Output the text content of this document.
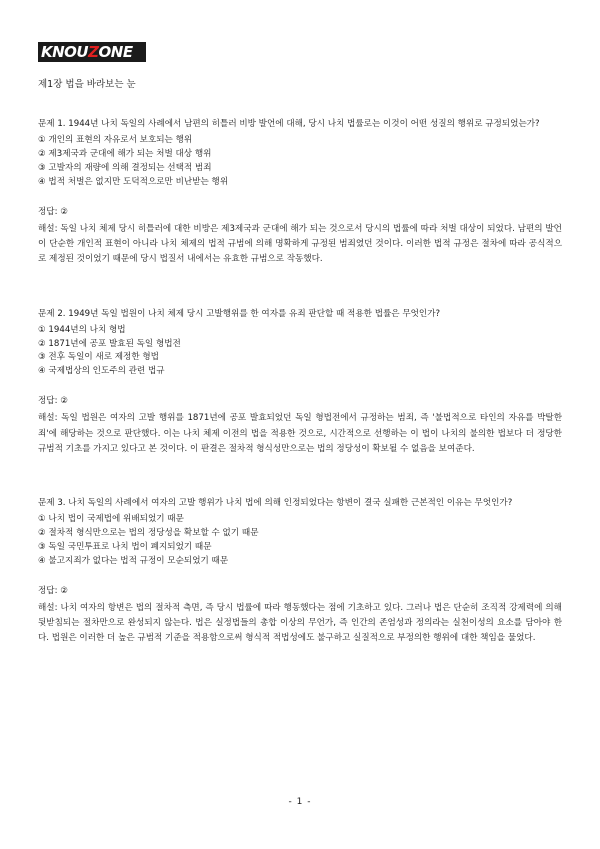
KNOUZONE

제1장 법을 바라보는 눈

문제 1. 1944년 나치 독일의 사례에서 남편의 히틀러 비방 발언에 대해, 당시 나치 법률로는 이것이 어떤 성질의 행위로 규정되었는가?

① 개인의 표현의 자유로서 보호되는 행위
② 제3제국과 군대에 해가 되는 처벌 대상 행위
③ 고발자의 재량에 의해 결정되는 선택적 범죄
④ 법적 처벌은 없지만 도덕적으로만 비난받는 행위

정답: ②

해설: 독일 나치 체제 당시 히틀러에 대한 비방은 제3제국과 군대에 해가 되는 것으로서 당시의 법률에 따라 처벌 대상이 되었다. 남편의 발언이 단순한 개인적 표현이 아니라 나치 체제의 법적 규범에 의해 명확하게 규정된 범죄였던 것이다. 이러한 법적 규정은 절차에 따라 공식적으로 제정된 것이었기 때문에 당시 법질서 내에서는 유효한 규범으로 작동했다.

문제 2. 1949년 독일 법원이 나치 체제 당시 고발행위를 한 여자를 유죄 판단할 때 적용한 법률은 무엇인가?

① 1944년의 나치 형법
② 1871년에 공포 발효된 독일 형법전
③ 전후 독일이 새로 제정한 형법
④ 국제법상의 인도주의 관련 법규

정답: ②

해설: 독일 법원은 여자의 고발 행위를 1871년에 공포 발효되었던 독일 형법전에서 규정하는 범죄, 즉 '불법적으로 타인의 자유를 박탈한 죄'에 해당하는 것으로 판단했다. 이는 나치 체제 이전의 법을 적용한 것으로, 시간적으로 선행하는 이 법이 나치의 불의한 법보다 더 정당한 규범적 기초를 가지고 있다고 본 것이다. 이 판결은 절차적 형식성만으로는 법의 정당성이 확보될 수 없음을 보여준다.

문제 3. 나치 독일의 사례에서 여자의 고발 행위가 나치 법에 의해 인정되었다는 항변이 결국 실패한 근본적인 이유는 무엇인가?

① 나치 법이 국제법에 위배되었기 때문
② 절차적 형식만으로는 법의 정당성을 확보할 수 없기 때문
③ 독일 국민투표로 나치 법이 폐지되었기 때문
④ 불고지죄가 없다는 법적 규정이 모순되었기 때문

정답: ②

해설: 나치 여자의 항변은 법의 절차적 측면, 즉 당시 법률에 따라 행동했다는 점에 기초하고 있다. 그러나 법은 단순히 조직적 강제력에 의해 뒷받침되는 절차만으로 완성되지 않는다. 법은 실정법들의 총합 이상의 무언가, 즉 인간의 존엄성과 정의라는 실천이성의 요소를 담아야 한다. 법원은 이러한 더 높은 규범적 기준을 적용함으로써 형식적 적법성에도 불구하고 실질적으로 부정의한 행위에 대한 책임을 물었다.

- 1 -
